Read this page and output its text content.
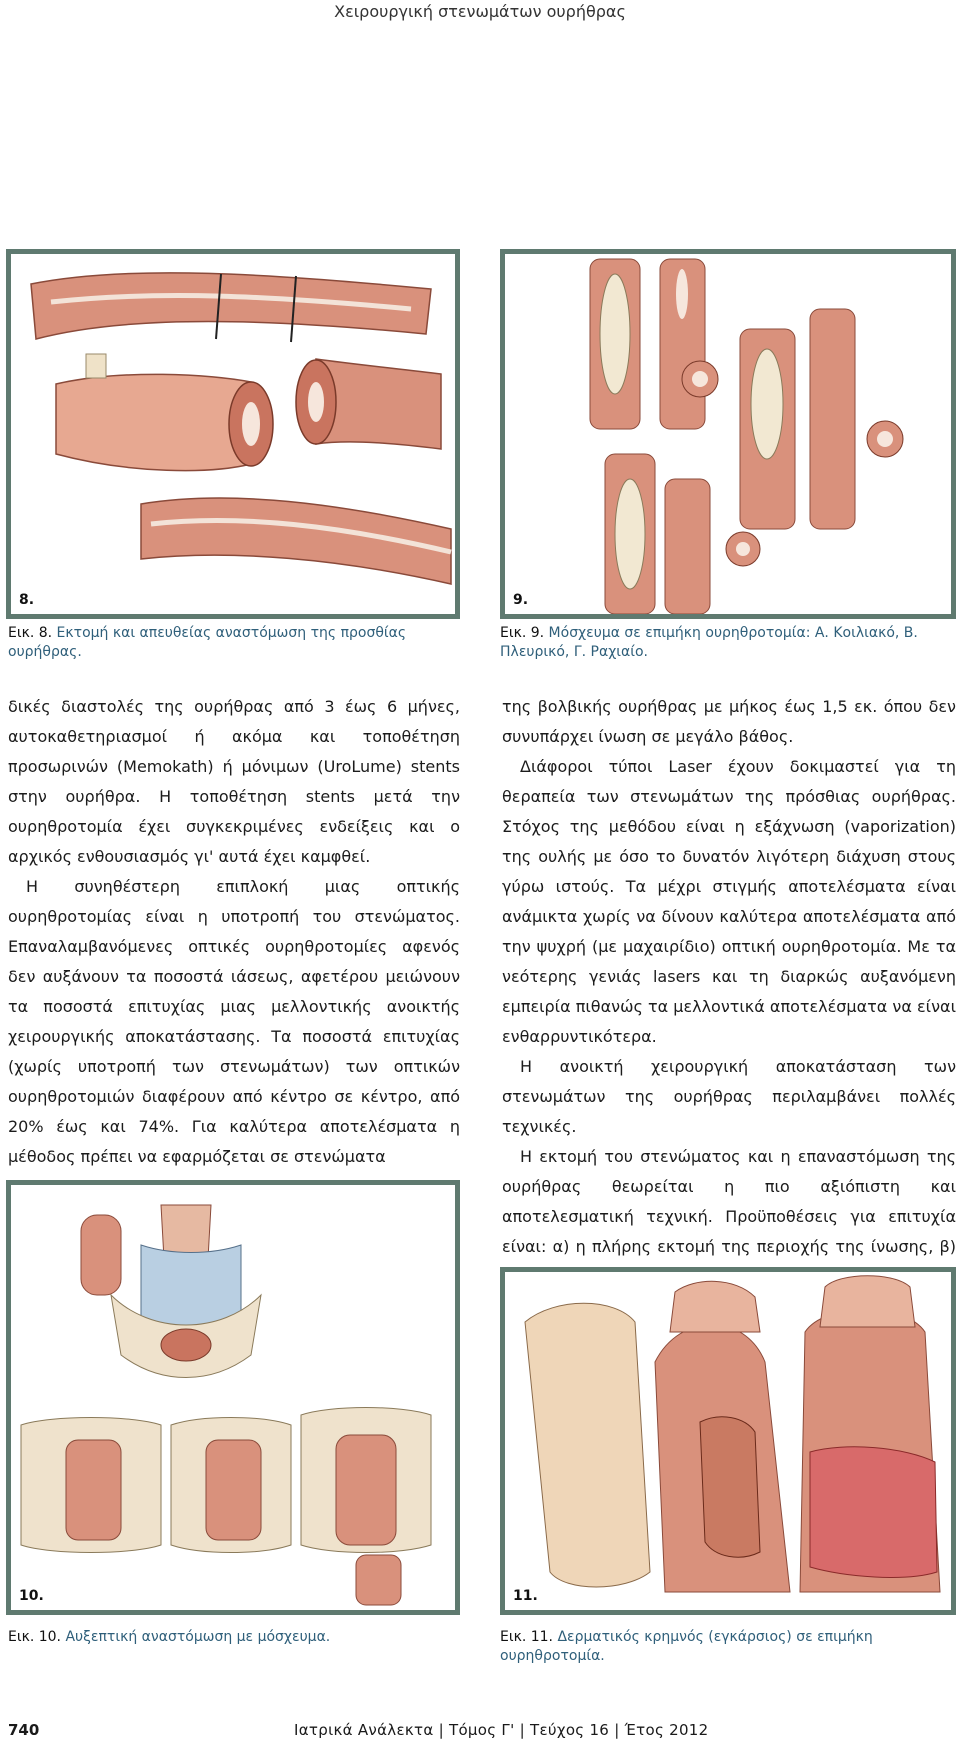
Χειρουργική στενωμάτων ουρήθρας
8.
Εικ. 8. Εκτομή και απευθείας αναστόμωση της προσθίας ουρήθρας.
9.
Εικ. 9. Μόσχευμα σε επιμήκη ουρηθροτομία: Α. Κοιλιακό, Β. Πλευρικό, Γ. Ραχιαίο.

δικές διαστολές της ουρήθρας από 3 έως 6 μήνες, αυτοκαθετηριασμοί ή ακόμα και τοποθέτηση προσωρινών (Memokath) ή μόνιμων (UroLume) stents στην ουρήθρα. Η τοποθέτηση stents μετά την ουρηθροτομία έχει συγκεκριμένες ενδείξεις και ο αρχικός ενθουσιασμός γι' αυτά έχει καμφθεί.

Η συνηθέστερη επιπλοκή μιας οπτικής ουρηθροτομίας είναι η υποτροπή του στενώματος. Επαναλαμβανόμενες οπτικές ουρηθροτομίες αφενός δεν αυξάνουν τα ποσοστά ιάσεως, αφετέρου μειώνουν τα ποσοστά επιτυχίας μιας μελλοντικής ανοικτής χειρουργικής αποκατάστασης. Τα ποσοστά επιτυχίας (χωρίς υποτροπή των στενωμάτων) των οπτικών ουρηθροτομιών διαφέρουν από κέντρο σε κέντρο, από 20% έως και 74%. Για καλύτερα αποτελέσματα η μέθοδος πρέπει να εφαρμόζεται σε στενώματα

της βολβικής ουρήθρας με μήκος έως 1,5 εκ. όπου δεν συνυπάρχει ίνωση σε μεγάλο βάθος.

Διάφοροι τύποι Laser έχουν δοκιμαστεί για τη θεραπεία των στενωμάτων της πρόσθιας ουρήθρας. Στόχος της μεθόδου είναι η εξάχνωση (vaporization) της ουλής με όσο το δυνατόν λιγότερη διάχυση στους γύρω ιστούς. Τα μέχρι στιγμής αποτελέσματα είναι ανάμικτα χωρίς να δίνουν καλύτερα αποτελέσματα από την ψυχρή (με μαχαιρίδιο) οπτική ουρηθροτομία. Με τα νεότερης γενιάς lasers και τη διαρκώς αυξανόμενη εμπειρία πιθανώς τα μελλοντικά αποτελέσματα να είναι ενθαρρυντικότερα.

Η ανοικτή χειρουργική αποκατάσταση των στενωμάτων της ουρήθρας περιλαμβάνει πολλές τεχνικές.

Η εκτομή του στενώματος και η επαναστόμωση της ουρήθρας θεωρείται η πιο αξιόπιστη και αποτελεσματική τεχνική. Προϋποθέσεις για επιτυχία είναι: α) η πλήρης εκτομή της περιοχής της ίνωσης, β)

10.
Εικ. 10. Αυξεπτική αναστόμωση με μόσχευμα.
11.
Εικ. 11. Δερματικός κρημνός (εγκάρσιος) σε επιμήκη ουρηθροτομία.
740	Ιατρικά Ανάλεκτα | Τόμος Γ' | Τεύχος 16 | Έτος 2012
